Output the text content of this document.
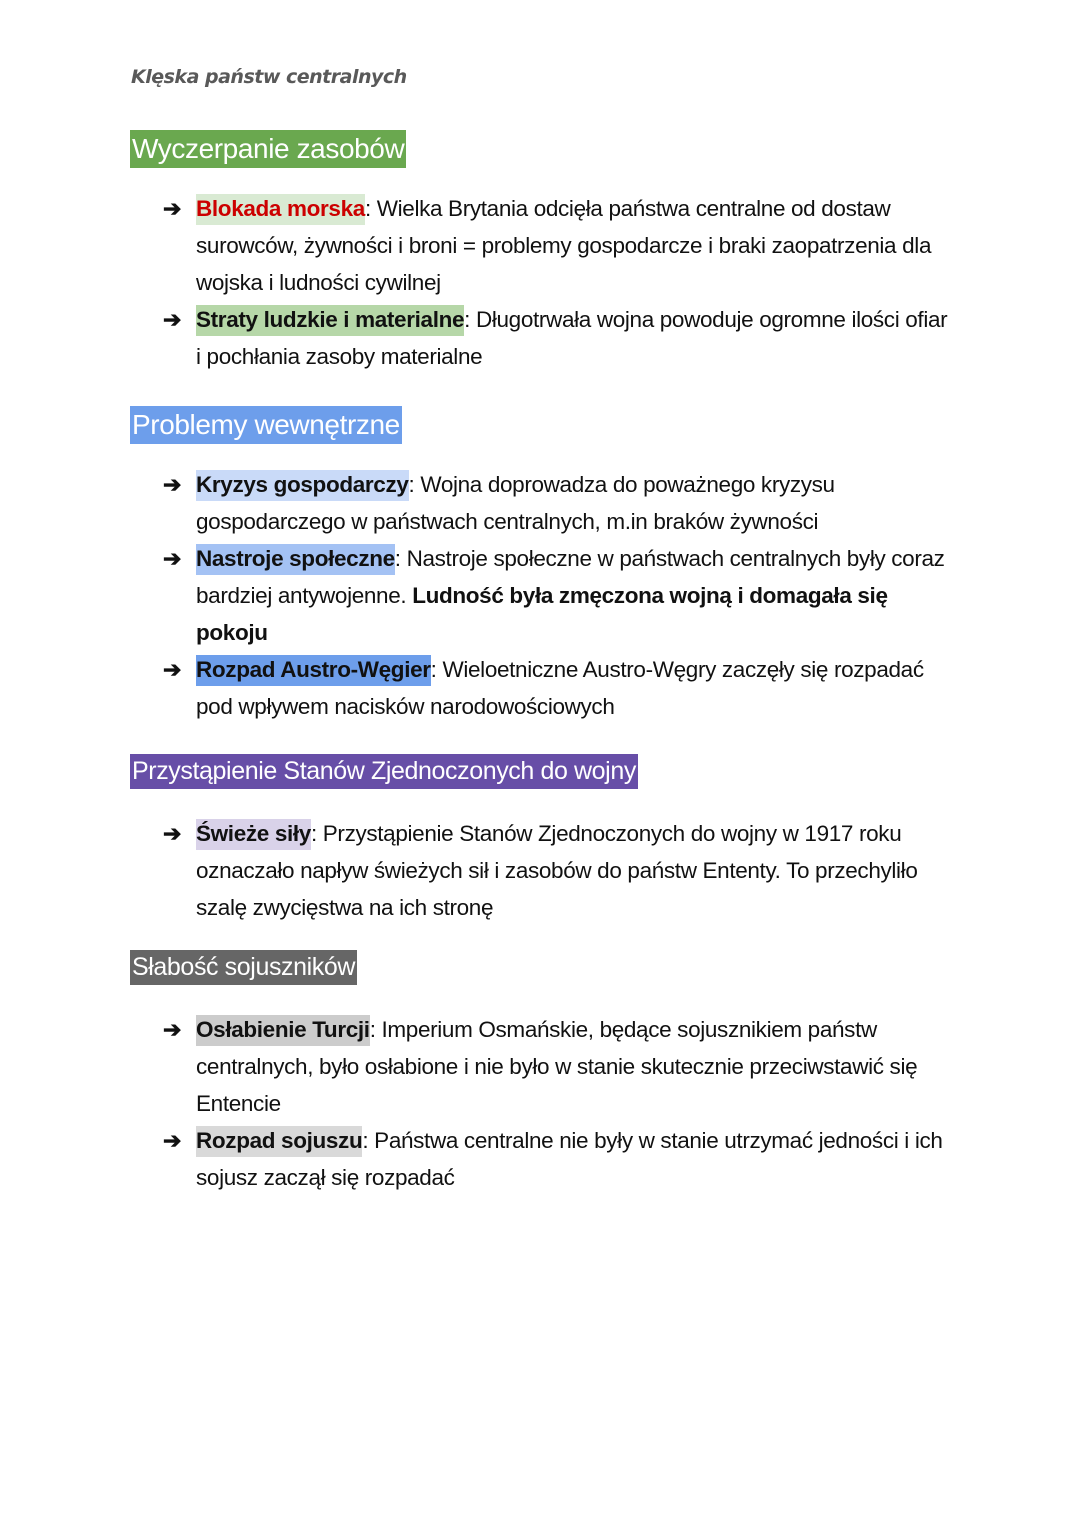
Klęska państw centralnych
Wyczerpanie zasobów
➔ Blokada morska: Wielka Brytania odcięła państwa centralne od dostaw surowców, żywności i broni = problemy gospodarcze i braki zaopatrzenia dla wojska i ludności cywilnej
➔ Straty ludzkie i materialne: Długotrwała wojna powoduje ogromne ilości ofiar i pochłania zasoby materialne
Problemy wewnętrzne
➔ Kryzys gospodarczy: Wojna doprowadza do poważnego kryzysu gospodarczego w państwach centralnych, m.in braków żywności
➔ Nastroje społeczne: Nastroje społeczne w państwach centralnych były coraz bardziej antywojenne. Ludność była zmęczona wojną i domagała się pokoju
➔ Rozpad Austro-Węgier: Wieloetniczne Austro-Węgry zaczęły się rozpadać pod wpływem nacisków narodowościowych
Przystąpienie Stanów Zjednoczonych do wojny
➔ Świeże siły: Przystąpienie Stanów Zjednoczonych do wojny w 1917 roku oznaczało napływ świeżych sił i zasobów do państw Ententy. To przechyliło szalę zwycięstwa na ich stronę
Słabość sojuszników
➔ Osłabienie Turcji: Imperium Osmańskie, będące sojusznikiem państw centralnych, było osłabione i nie było w stanie skutecznie przeciwstawić się Entencie
➔ Rozpad sojuszu: Państwa centralne nie były w stanie utrzymać jedności i ich sojusz zaczął się rozpadać
